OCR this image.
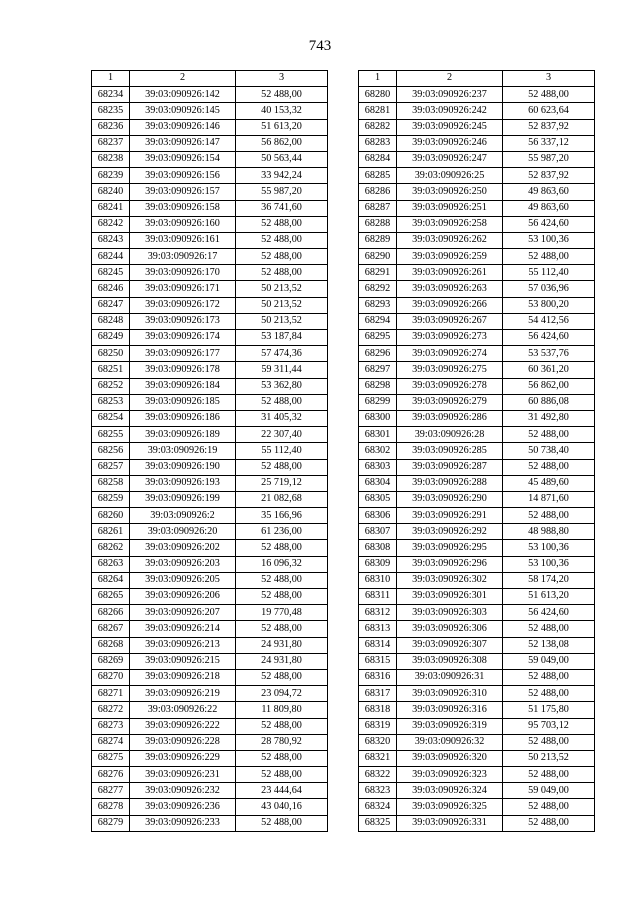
743
1	2	3
68234	39:03:090926:142	52 488,00
68235	39:03:090926:145	40 153,32
68236	39:03:090926:146	51 613,20
68237	39:03:090926:147	56 862,00
68238	39:03:090926:154	50 563,44
68239	39:03:090926:156	33 942,24
68240	39:03:090926:157	55 987,20
68241	39:03:090926:158	36 741,60
68242	39:03:090926:160	52 488,00
68243	39:03:090926:161	52 488,00
68244	39:03:090926:17	52 488,00
68245	39:03:090926:170	52 488,00
68246	39:03:090926:171	50 213,52
68247	39:03:090926:172	50 213,52
68248	39:03:090926:173	50 213,52
68249	39:03:090926:174	53 187,84
68250	39:03:090926:177	57 474,36
68251	39:03:090926:178	59 311,44
68252	39:03:090926:184	53 362,80
68253	39:03:090926:185	52 488,00
68254	39:03:090926:186	31 405,32
68255	39:03:090926:189	22 307,40
68256	39:03:090926:19	55 112,40
68257	39:03:090926:190	52 488,00
68258	39:03:090926:193	25 719,12
68259	39:03:090926:199	21 082,68
68260	39:03:090926:2	35 166,96
68261	39:03:090926:20	61 236,00
68262	39:03:090926:202	52 488,00
68263	39:03:090926:203	16 096,32
68264	39:03:090926:205	52 488,00
68265	39:03:090926:206	52 488,00
68266	39:03:090926:207	19 770,48
68267	39:03:090926:214	52 488,00
68268	39:03:090926:213	24 931,80
68269	39:03:090926:215	24 931,80
68270	39:03:090926:218	52 488,00
68271	39:03:090926:219	23 094,72
68272	39:03:090926:22	11 809,80
68273	39:03:090926:222	52 488,00
68274	39:03:090926:228	28 780,92
68275	39:03:090926:229	52 488,00
68276	39:03:090926:231	52 488,00
68277	39:03:090926:232	23 444,64
68278	39:03:090926:236	43 040,16
68279	39:03:090926:233	52 488,00
1	2	3
68280	39:03:090926:237	52 488,00
68281	39:03:090926:242	60 623,64
68282	39:03:090926:245	52 837,92
68283	39:03:090926:246	56 337,12
68284	39:03:090926:247	55 987,20
68285	39:03:090926:25	52 837,92
68286	39:03:090926:250	49 863,60
68287	39:03:090926:251	49 863,60
68288	39:03:090926:258	56 424,60
68289	39:03:090926:262	53 100,36
68290	39:03:090926:259	52 488,00
68291	39:03:090926:261	55 112,40
68292	39:03:090926:263	57 036,96
68293	39:03:090926:266	53 800,20
68294	39:03:090926:267	54 412,56
68295	39:03:090926:273	56 424,60
68296	39:03:090926:274	53 537,76
68297	39:03:090926:275	60 361,20
68298	39:03:090926:278	56 862,00
68299	39:03:090926:279	60 886,08
68300	39:03:090926:286	31 492,80
68301	39:03:090926:28	52 488,00
68302	39:03:090926:285	50 738,40
68303	39:03:090926:287	52 488,00
68304	39:03:090926:288	45 489,60
68305	39:03:090926:290	14 871,60
68306	39:03:090926:291	52 488,00
68307	39:03:090926:292	48 988,80
68308	39:03:090926:295	53 100,36
68309	39:03:090926:296	53 100,36
68310	39:03:090926:302	58 174,20
68311	39:03:090926:301	51 613,20
68312	39:03:090926:303	56 424,60
68313	39:03:090926:306	52 488,00
68314	39:03:090926:307	52 138,08
68315	39:03:090926:308	59 049,00
68316	39:03:090926:31	52 488,00
68317	39:03:090926:310	52 488,00
68318	39:03:090926:316	51 175,80
68319	39:03:090926:319	95 703,12
68320	39:03:090926:32	52 488,00
68321	39:03:090926:320	50 213,52
68322	39:03:090926:323	52 488,00
68323	39:03:090926:324	59 049,00
68324	39:03:090926:325	52 488,00
68325	39:03:090926:331	52 488,00
